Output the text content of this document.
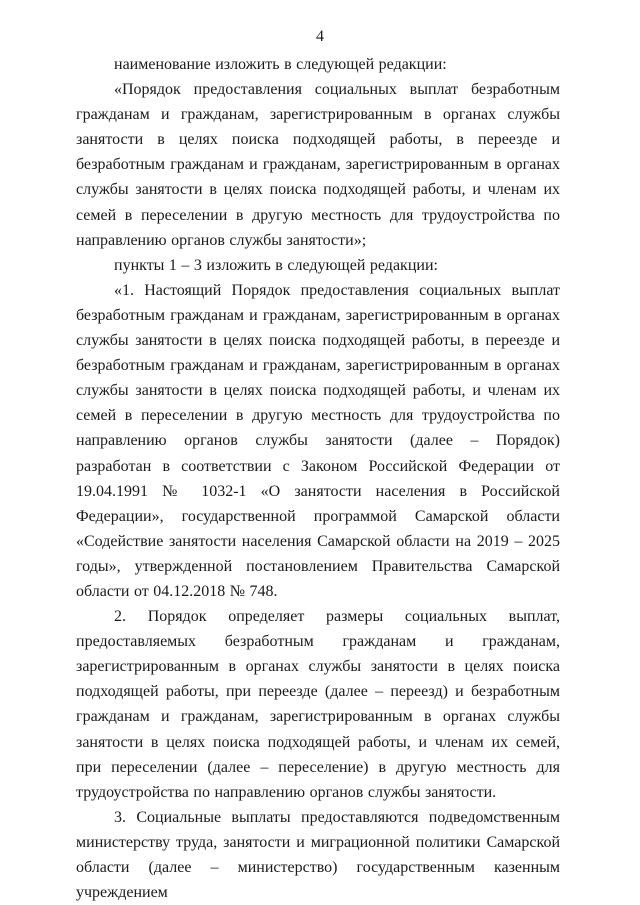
4

наименование изложить в следующей редакции:

«Порядок предоставления социальных выплат безработным гражданам и гражданам, зарегистрированным в органах службы занятости в целях поиска подходящей работы, в переезде и безработным гражданам и гражданам, зарегистрированным в органах службы занятости в целях поиска подходящей работы, и членам их семей в переселении в другую местность для трудоустройства по направлению органов службы занятости»;

пункты 1 – 3 изложить в следующей редакции:

«1. Настоящий Порядок предоставления социальных выплат безработным гражданам и гражданам, зарегистрированным в органах службы занятости в целях поиска подходящей работы, в переезде и безработным гражданам и гражданам, зарегистрированным в органах службы занятости в целях поиска подходящей работы, и членам их семей в переселении в другую местность для трудоустройства по направлению органов службы занятости (далее – Порядок) разработан в соответствии с Законом Российской Федерации от 19.04.1991 № 1032-1 «О занятости населения в Российской Федерации», государственной программой Самарской области «Содействие занятости населения Самарской области на 2019 – 2025 годы», утвержденной постановлением Правительства Самарской области от 04.12.2018 № 748.

2. Порядок определяет размеры социальных выплат, предоставляемых безработным гражданам и гражданам, зарегистрированным в органах службы занятости в целях поиска подходящей работы, при переезде (далее – переезд) и безработным гражданам и гражданам, зарегистрированным в органах службы занятости в целях поиска подходящей работы, и членам их семей, при переселении (далее – переселение) в другую местность для трудоустройства по направлению органов службы занятости.

3. Социальные выплаты предоставляются подведомственным министерству труда, занятости и миграционной политики Самарской области (далее – министерство) государственным казенным учреждением
